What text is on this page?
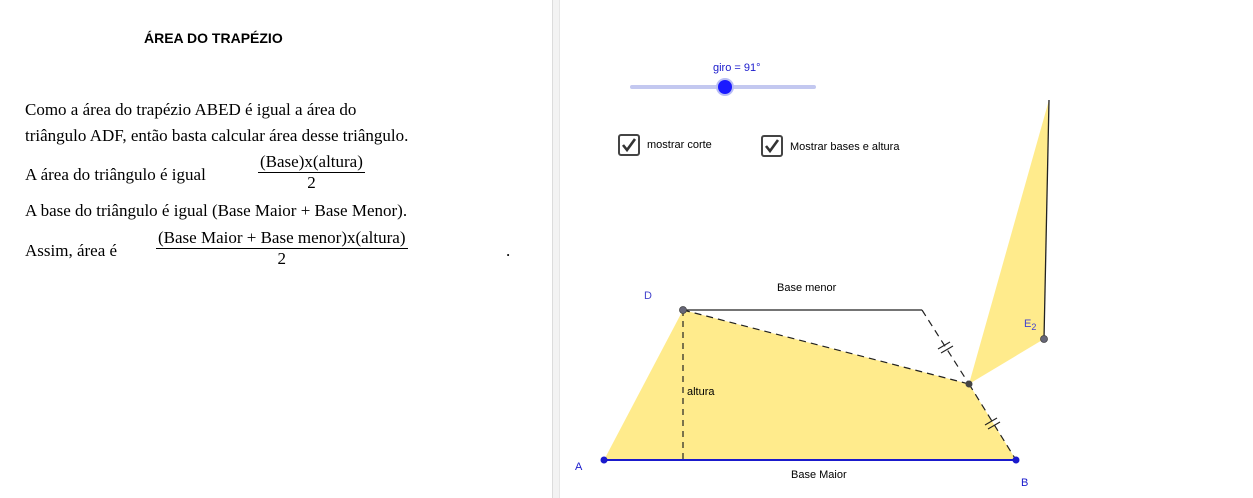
ÁREA DO TRAPÉZIO
Como a área do trapézio ABED é igual a área do
triângulo ADF, então basta calcular área desse triângulo.
A área do triângulo é igual
(Base)x(altura)
2
A base do triângulo é igual (Base Maior + Base Menor).
Assim, área é
(Base Maior + Base menor)x(altura)
2	.
giro = 91°
mostrar corte	Mostrar bases e altura
Base menor
Base Maior
altura
A
B
D
$E_2$
